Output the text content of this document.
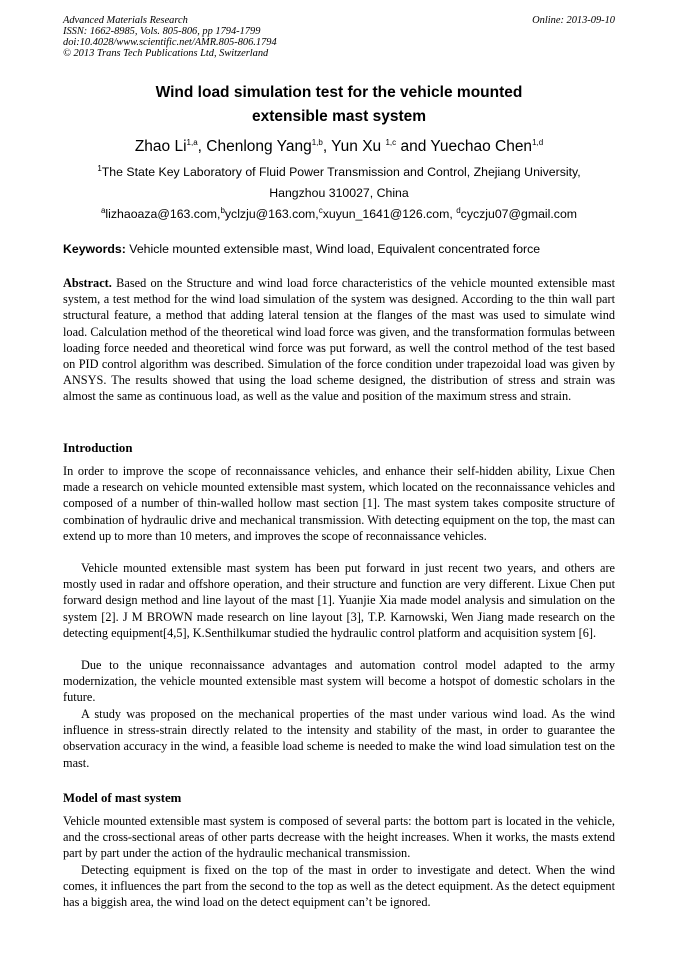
Advanced Materials Research
ISSN: 1662-8985, Vols. 805-806, pp 1794-1799
doi:10.4028/www.scientific.net/AMR.805-806.1794
© 2013 Trans Tech Publications Ltd, Switzerland
Online: 2013-09-10
Wind load simulation test for the vehicle mounted
extensible mast system
Zhao Li$^{1,a}$, Chenlong Yang$^{1,b}$, Yun Xu $^{1,c}$ and Yuechao Chen$^{1,d}$
$^1$The State Key Laboratory of Fluid Power Transmission and Control, Zhejiang University,
Hangzhou 310027, China
$^a$lizhaoaza@163.com,$^b$yclzju@163.com,$^c$xuyun_1641@126.com, $^d$cyczju07@gmail.com
Keywords: Vehicle mounted extensible mast, Wind load, Equivalent concentrated force
Abstract. Based on the Structure and wind load force characteristics of the vehicle mounted extensible mast system, a test method for the wind load simulation of the system was designed. According to the thin wall part structural feature, a method that adding lateral tension at the flanges of the mast was used to simulate wind load. Calculation method of the theoretical wind load force was given, and the transformation formulas between loading force needed and theoretical wind force was put forward, as well the control method of the test based on PID control algorithm was described. Simulation of the force condition under trapezoidal load was given by ANSYS. The results showed that using the load scheme designed, the distribution of stress and strain was almost the same as continuous load, as well as the value and position of the maximum stress and strain.
Introduction
In order to improve the scope of reconnaissance vehicles, and enhance their self-hidden ability, Lixue Chen made a research on vehicle mounted extensible mast system, which located on the reconnaissance vehicles and composed of a number of thin-walled hollow mast section [1]. The mast system takes composite structure of combination of hydraulic drive and mechanical transmission. With detecting equipment on the top, the mast can extend up to more than 10 meters, and improves the scope of reconnaissance vehicles.
Vehicle mounted extensible mast system has been put forward in just recent two years, and others are mostly used in radar and offshore operation, and their structure and function are very different. Lixue Chen put forward design method and line layout of the mast [1]. Yuanjie Xia made model analysis and simulation on the system [2]. J M BROWN made research on line layout [3], T.P. Karnowski, Wen Jiang made research on the detecting equipment[4,5], K.Senthilkumar studied the hydraulic control platform and acquisition system [6].
Due to the unique reconnaissance advantages and automation control model adapted to the army modernization, the vehicle mounted extensible mast system will become a hotspot of domestic scholars in the future.
A study was proposed on the mechanical properties of the mast under various wind load. As the wind influence in stress-strain directly related to the intensity and stability of the mast, in order to guarantee the observation accuracy in the wind, a feasible load scheme is needed to make the wind load simulation test on the mast.
Model of mast system
Vehicle mounted extensible mast system is composed of several parts: the bottom part is located in the vehicle, and the cross-sectional areas of other parts decrease with the height increases. When it works, the masts extend part by part under the action of the hydraulic mechanical transmission.
Detecting equipment is fixed on the top of the mast in order to investigate and detect. When the wind comes, it influences the part from the second to the top as well as the detect equipment. As the detect equipment has a biggish area, the wind load on the detect equipment can’t be ignored.
